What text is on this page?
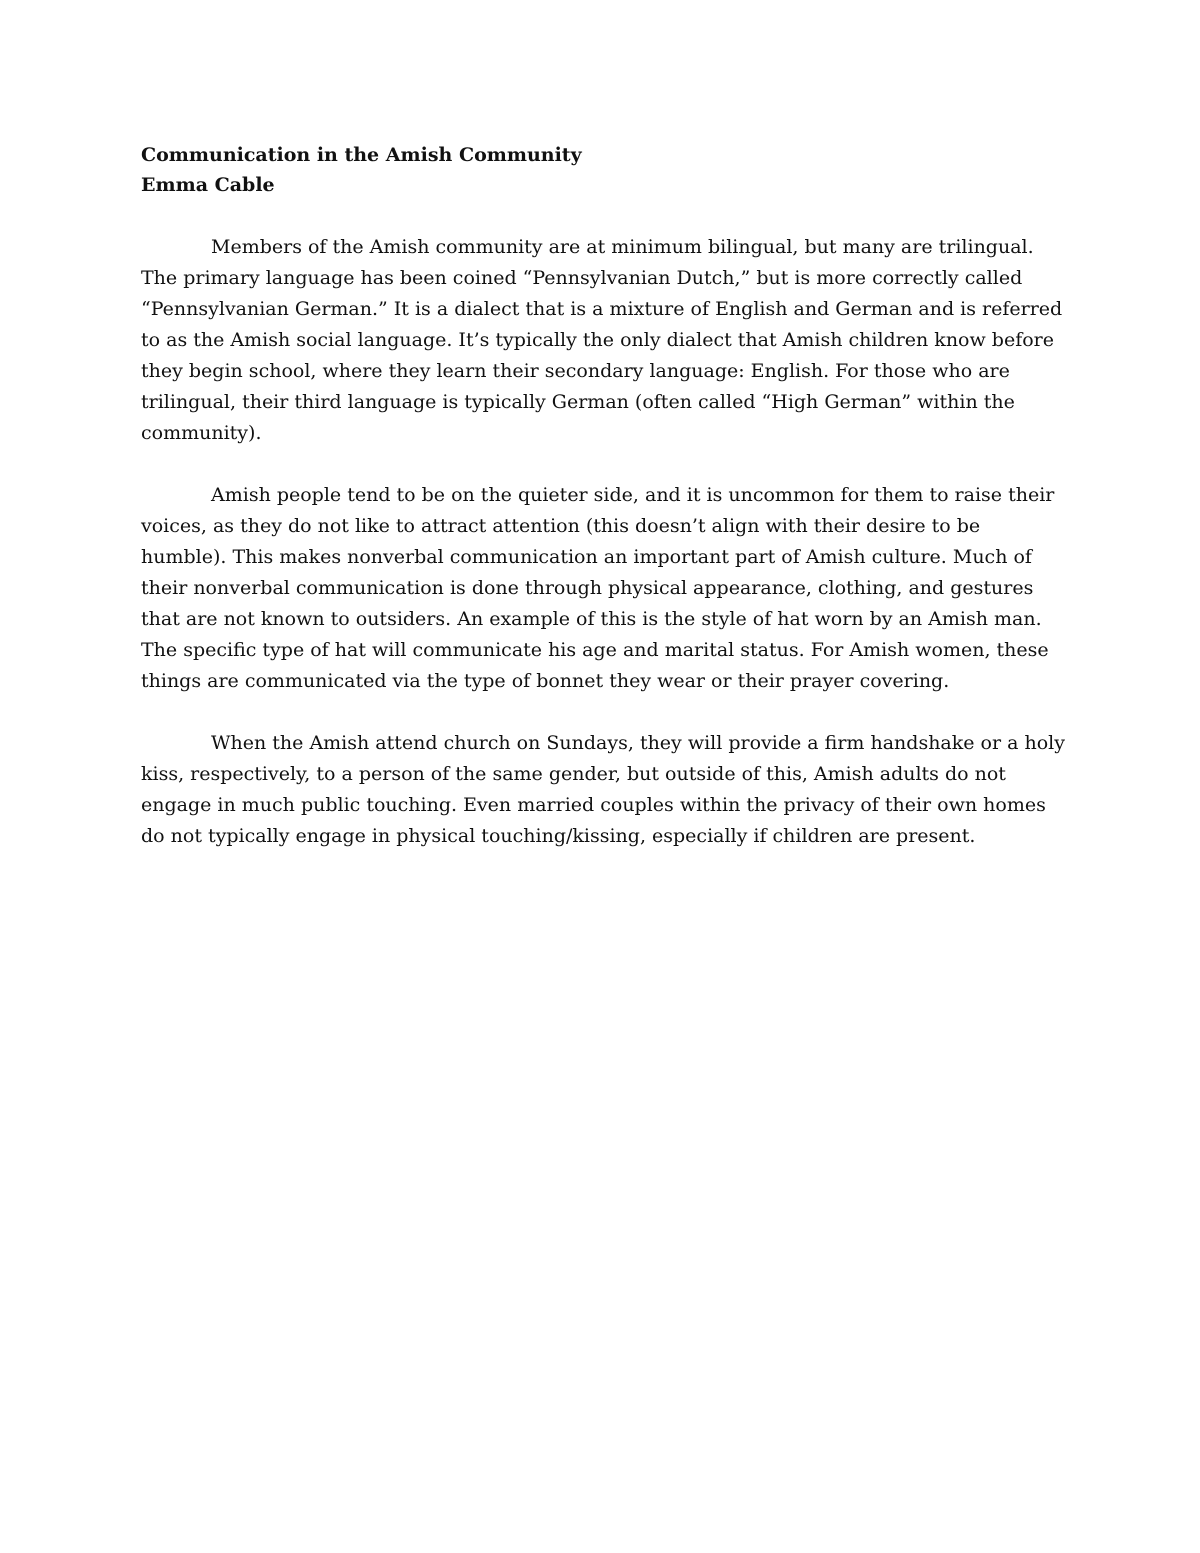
Communication in the Amish Community
Emma Cable

Members of the Amish community are at minimum bilingual, but many are trilingual. The primary language has been coined “Pennsylvanian Dutch,” but is more correctly called “Pennsylvanian German.” It is a dialect that is a mixture of English and German and is referred to as the Amish social language. It’s typically the only dialect that Amish children know before they begin school, where they learn their secondary language: English. For those who are trilingual, their third language is typically German (often called “High German” within the community).

Amish people tend to be on the quieter side, and it is uncommon for them to raise their voices, as they do not like to attract attention (this doesn’t align with their desire to be humble). This makes nonverbal communication an important part of Amish culture. Much of their nonverbal communication is done through physical appearance, clothing, and gestures that are not known to outsiders. An example of this is the style of hat worn by an Amish man. The specific type of hat will communicate his age and marital status. For Amish women, these things are communicated via the type of bonnet they wear or their prayer covering.

When the Amish attend church on Sundays, they will provide a firm handshake or a holy kiss, respectively, to a person of the same gender, but outside of this, Amish adults do not engage in much public touching. Even married couples within the privacy of their own homes do not typically engage in physical touching/kissing, especially if children are present.
